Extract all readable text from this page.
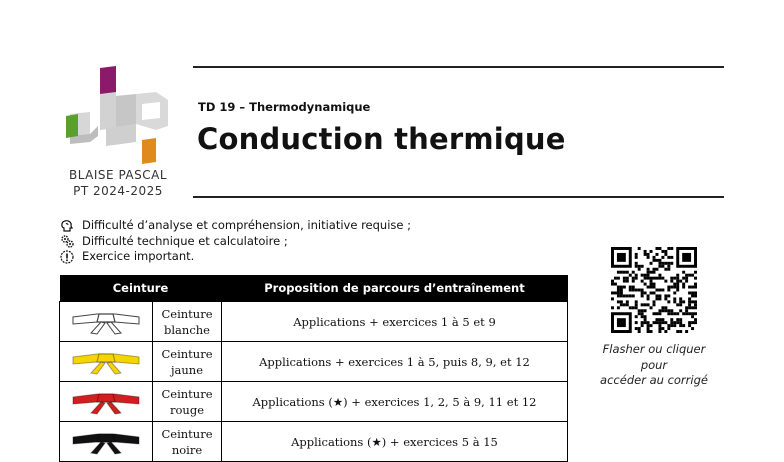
BLAISE PASCAL
PT 2024-2025
TD 19 – Thermodynamique
Conduction thermique
Difficulté d’analyse et compréhension, initiative requise ;
Difficulté technique et calculatoire ;
Exercice important.
Ceinture		Proposition de parcours d’entraînement

Ceinture
blanche	Applications + exercices 1 à 5 et 9

Ceinture
jaune	Applications + exercices 1 à 5, puis 8, 9, et 12

Ceinture
rouge	Applications (★) + exercices 1, 2, 5 à 9, 11 et 12

Ceinture
noire	Applications (★) + exercices 5 à 15
Flasher ou cliquer pour
accéder au corrigé
